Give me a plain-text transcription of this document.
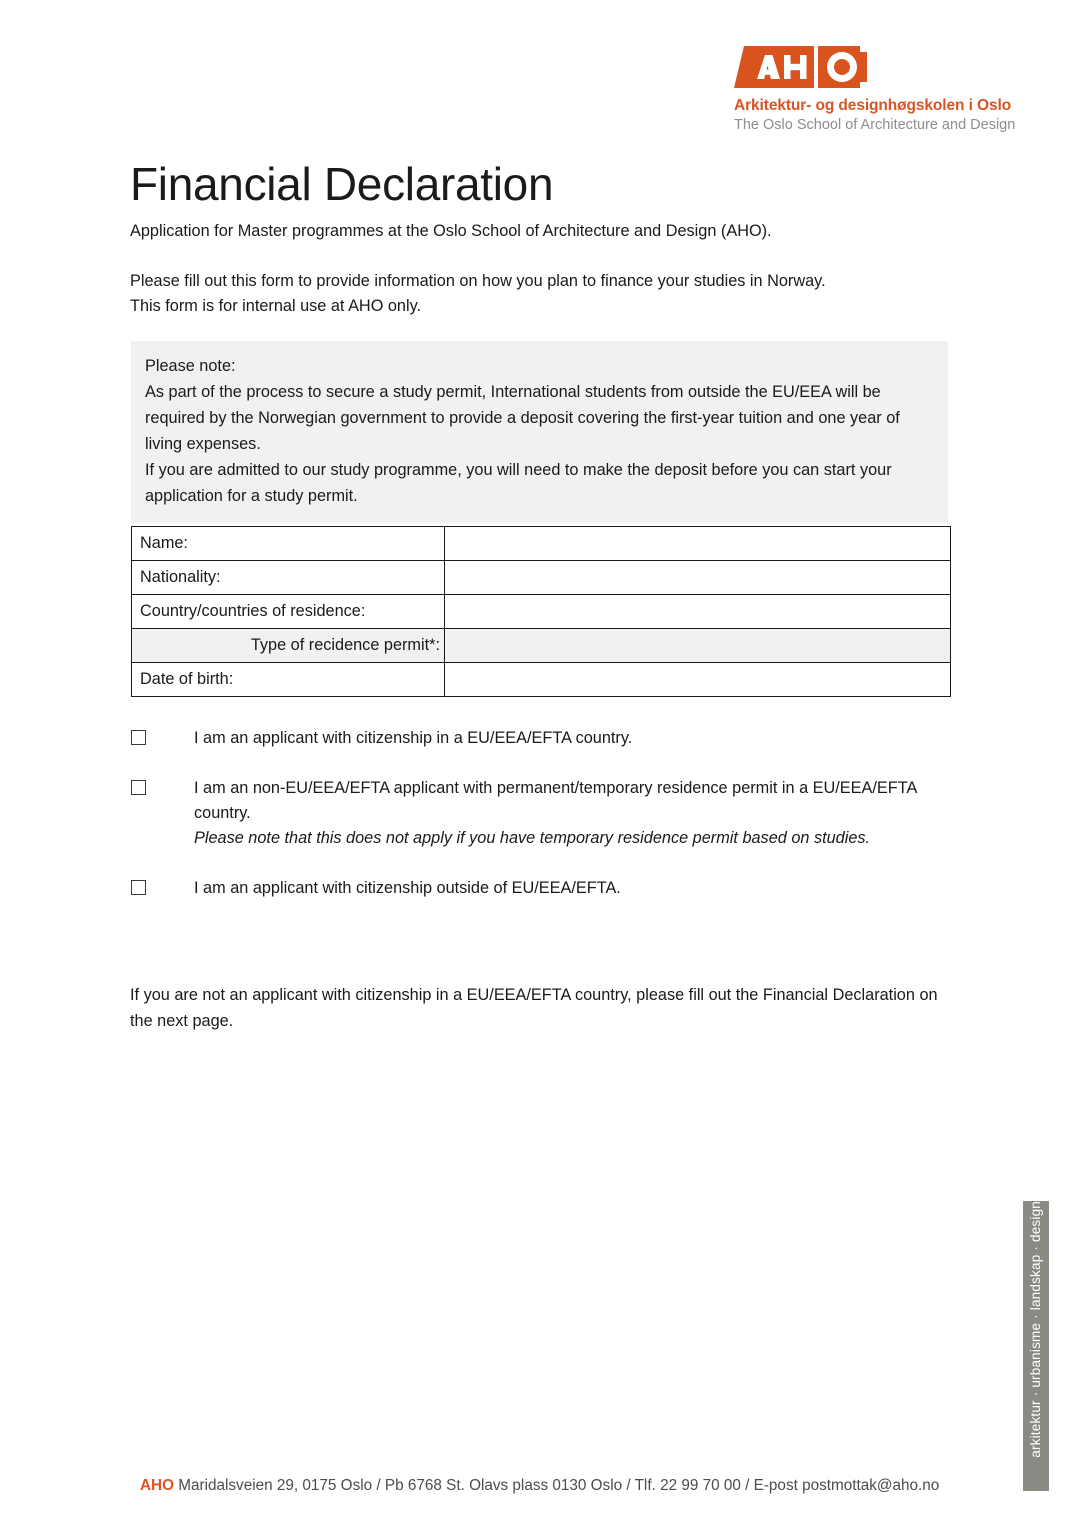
Arkitektur- og designhøgskolen i Oslo
The Oslo School of Architecture and Design
Financial Declaration

Application for Master programmes at the Oslo School of Architecture and Design (AHO).

Please fill out this form to provide information on how you plan to finance your studies in Norway.

This form is for internal use at AHO only.

Please note:
As part of the process to secure a study permit, International students from outside the EU/EEA will be
required by the Norwegian government to provide a deposit covering the first-year tuition and one year of
living expenses.
If you are admitted to our study programme, you will need to make the deposit before you can start your
application for a study permit.
Name:	
Nationality:	
Country/countries of residence:	
Type of recidence permit*:	
Date of birth:	
I am an applicant with citizenship in a EU/EEA/EFTA country.
I am an non-EU/EEA/EFTA applicant with permanent/temporary residence permit in a EU/EEA/EFTA country.
Please note that this does not apply if you have temporary residence permit based on studies.
I am an applicant with citizenship outside of EU/EEA/EFTA.
If you are not an applicant with citizenship in a EU/EEA/EFTA country, please fill out the Financial Declaration on the next page.
arkitektur · urbanisme · landskap · design
AHO Maridalsveien 29, 0175 Oslo / Pb 6768 St. Olavs plass 0130 Oslo / Tlf. 22 99 70 00 / E-post postmottak@aho.no
